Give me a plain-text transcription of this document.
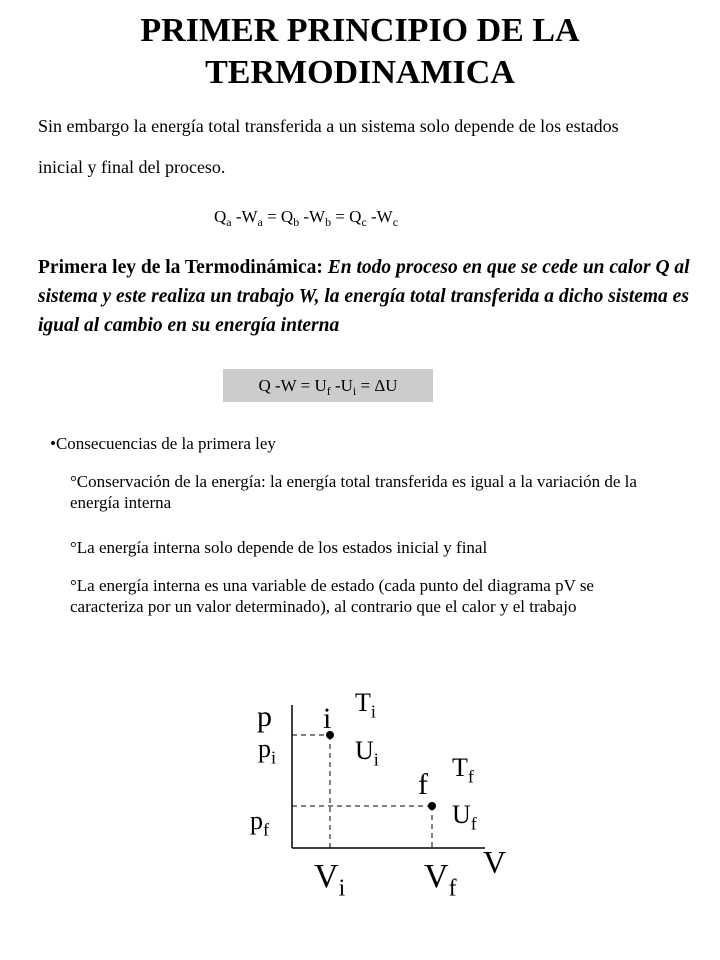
PRIMER PRINCIPIO DE LA
TERMODINAMICA
Sin embargo la energía total transferida a un sistema solo depende de los estados
inicial y final del proceso.
$Q_a$ $-W_a = Q_b$ $-W_b = Q_c$ $-W_c$
Primera ley de la Termodinámica: En todo proceso en que se cede un calor Q al sistema y este realiza un trabajo W, la energía total transferida a dicho sistema es igual al cambio en su energía interna
Q $-W = U_f$ $-U_i = \Delta U$
•Consecuencias de la primera ley
°Conservación de la energía: la energía total transferida es igual a la variación de la energía interna
°La energía interna solo depende de los estados inicial y final
°La energía interna es una variable de estado (cada punto del diagrama pV se caracteriza por un valor determinado), al contrario que el calor y el trabajo
p
V
i
f
$T_i$
$U_i$	$T_f$
$U_f$
$p_i$
$p_f$
$V_i$ $V_f$
